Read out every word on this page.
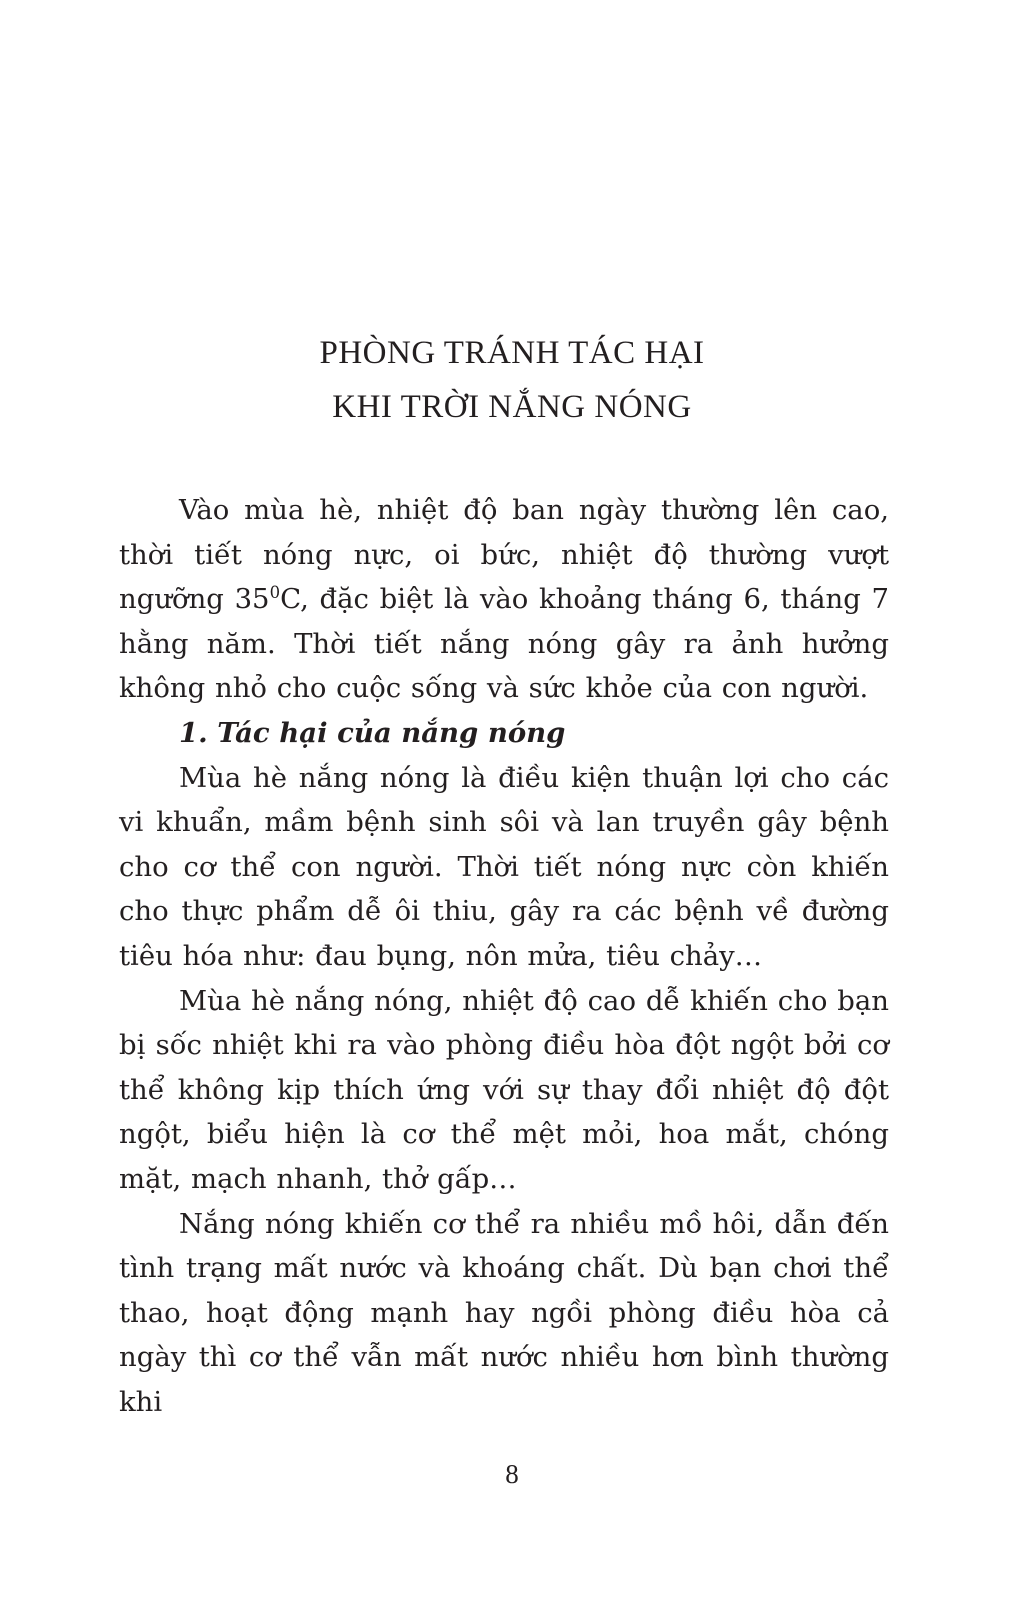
PHÒNG TRÁNH TÁC HẠI
KHI TRỜI NẮNG NÓNG

Vào mùa hè, nhiệt độ ban ngày thường lên cao, thời tiết nóng nực, oi bức, nhiệt độ thường vượt ngưỡng $35^0C$, đặc biệt là vào khoảng tháng 6, tháng 7 hằng năm. Thời tiết nắng nóng gây ra ảnh hưởng không nhỏ cho cuộc sống và sức khỏe của con người.

1. Tác hại của nắng nóng

Mùa hè nắng nóng là điều kiện thuận lợi cho các vi khuẩn, mầm bệnh sinh sôi và lan truyền gây bệnh cho cơ thể con người. Thời tiết nóng nực còn khiến cho thực phẩm dễ ôi thiu, gây ra các bệnh về đường tiêu hóa như: đau bụng, nôn mửa, tiêu chảy…

Mùa hè nắng nóng, nhiệt độ cao dễ khiến cho bạn bị sốc nhiệt khi ra vào phòng điều hòa đột ngột bởi cơ thể không kịp thích ứng với sự thay đổi nhiệt độ đột ngột, biểu hiện là cơ thể mệt mỏi, hoa mắt, chóng mặt, mạch nhanh, thở gấp…

Nắng nóng khiến cơ thể ra nhiều mồ hôi, dẫn đến tình trạng mất nước và khoáng chất. Dù bạn chơi thể thao, hoạt động mạnh hay ngồi phòng điều hòa cả ngày thì cơ thể vẫn mất nước nhiều hơn bình thường khi

8
